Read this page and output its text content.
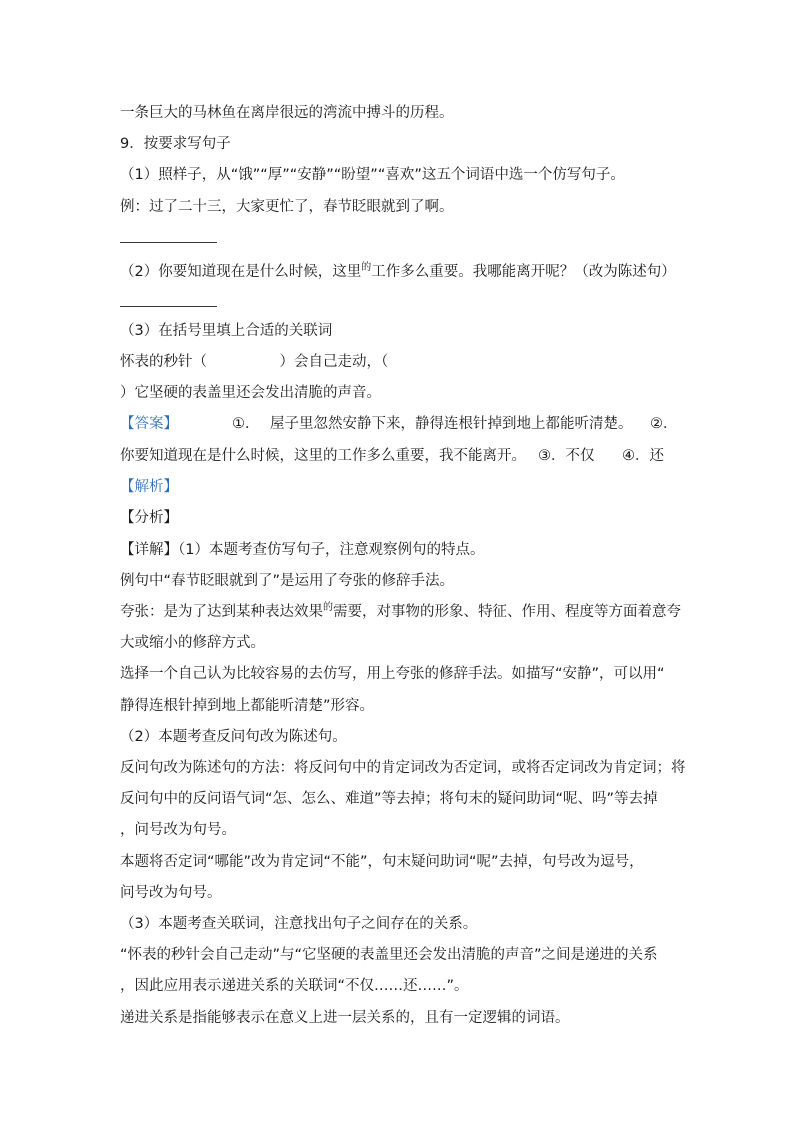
一条巨大的马林鱼在离岸很远的湾流中搏斗的历程。
9．按要求写句子
（1）照样子，从“饿”“厚”“安静”“盼望”“喜欢”这五个词语中选一个仿写句子。
例：过了二十三，大家更忙了，春节眨眼就到了啊。
（2）你要知道现在是什么时候，这里$^的$工作多么重要。我哪能离开呢？（改为陈述句）
（3）在括号里填上合适的关联词
怀表的秒针（　　　　　）会自己走动，（
）它坚硬的表盖里还会发出清脆的声音。
【答案】	①． 屋子里忽然安静下来，静得连根针掉到地上都能听清楚。 ②．
你要知道现在是什么时候，这里的工作多么重要，我不能离开。 ③．不仅 ④．还
【解析】
【分析】
【详解】（1）本题考查仿写句子，注意观察例句的特点。
例句中“春节眨眼就到了”是运用了夸张的修辞手法。
夸张：是为了达到某种表达效果$^的$需要，对事物的形象、特征、作用、程度等方面着意夸
大或缩小的修辞方式。
选择一个自己认为比较容易的去仿写，用上夸张的修辞手法。如描写“安静”，可以用“
静得连根针掉到地上都能听清楚”形容。
（2）本题考查反问句改为陈述句。
反问句改为陈述句的方法：将反问句中的肯定词改为否定词，或将否定词改为肯定词；将
反问句中的反问语气词“怎、怎么、难道”等去掉；将句末的疑问助词“呢、吗”等去掉
，问号改为句号。
本题将否定词“哪能”改为肯定词“不能”，句末疑问助词“呢”去掉，句号改为逗号，
问号改为句号。
（3）本题考查关联词，注意找出句子之间存在的关系。
“怀表的秒针会自己走动”与“它坚硬的表盖里还会发出清脆的声音”之间是递进的关系
，因此应用表示递进关系的关联词“不仅……还……”。
递进关系是指能够表示在意义上进一层关系的，且有一定逻辑的词语。
